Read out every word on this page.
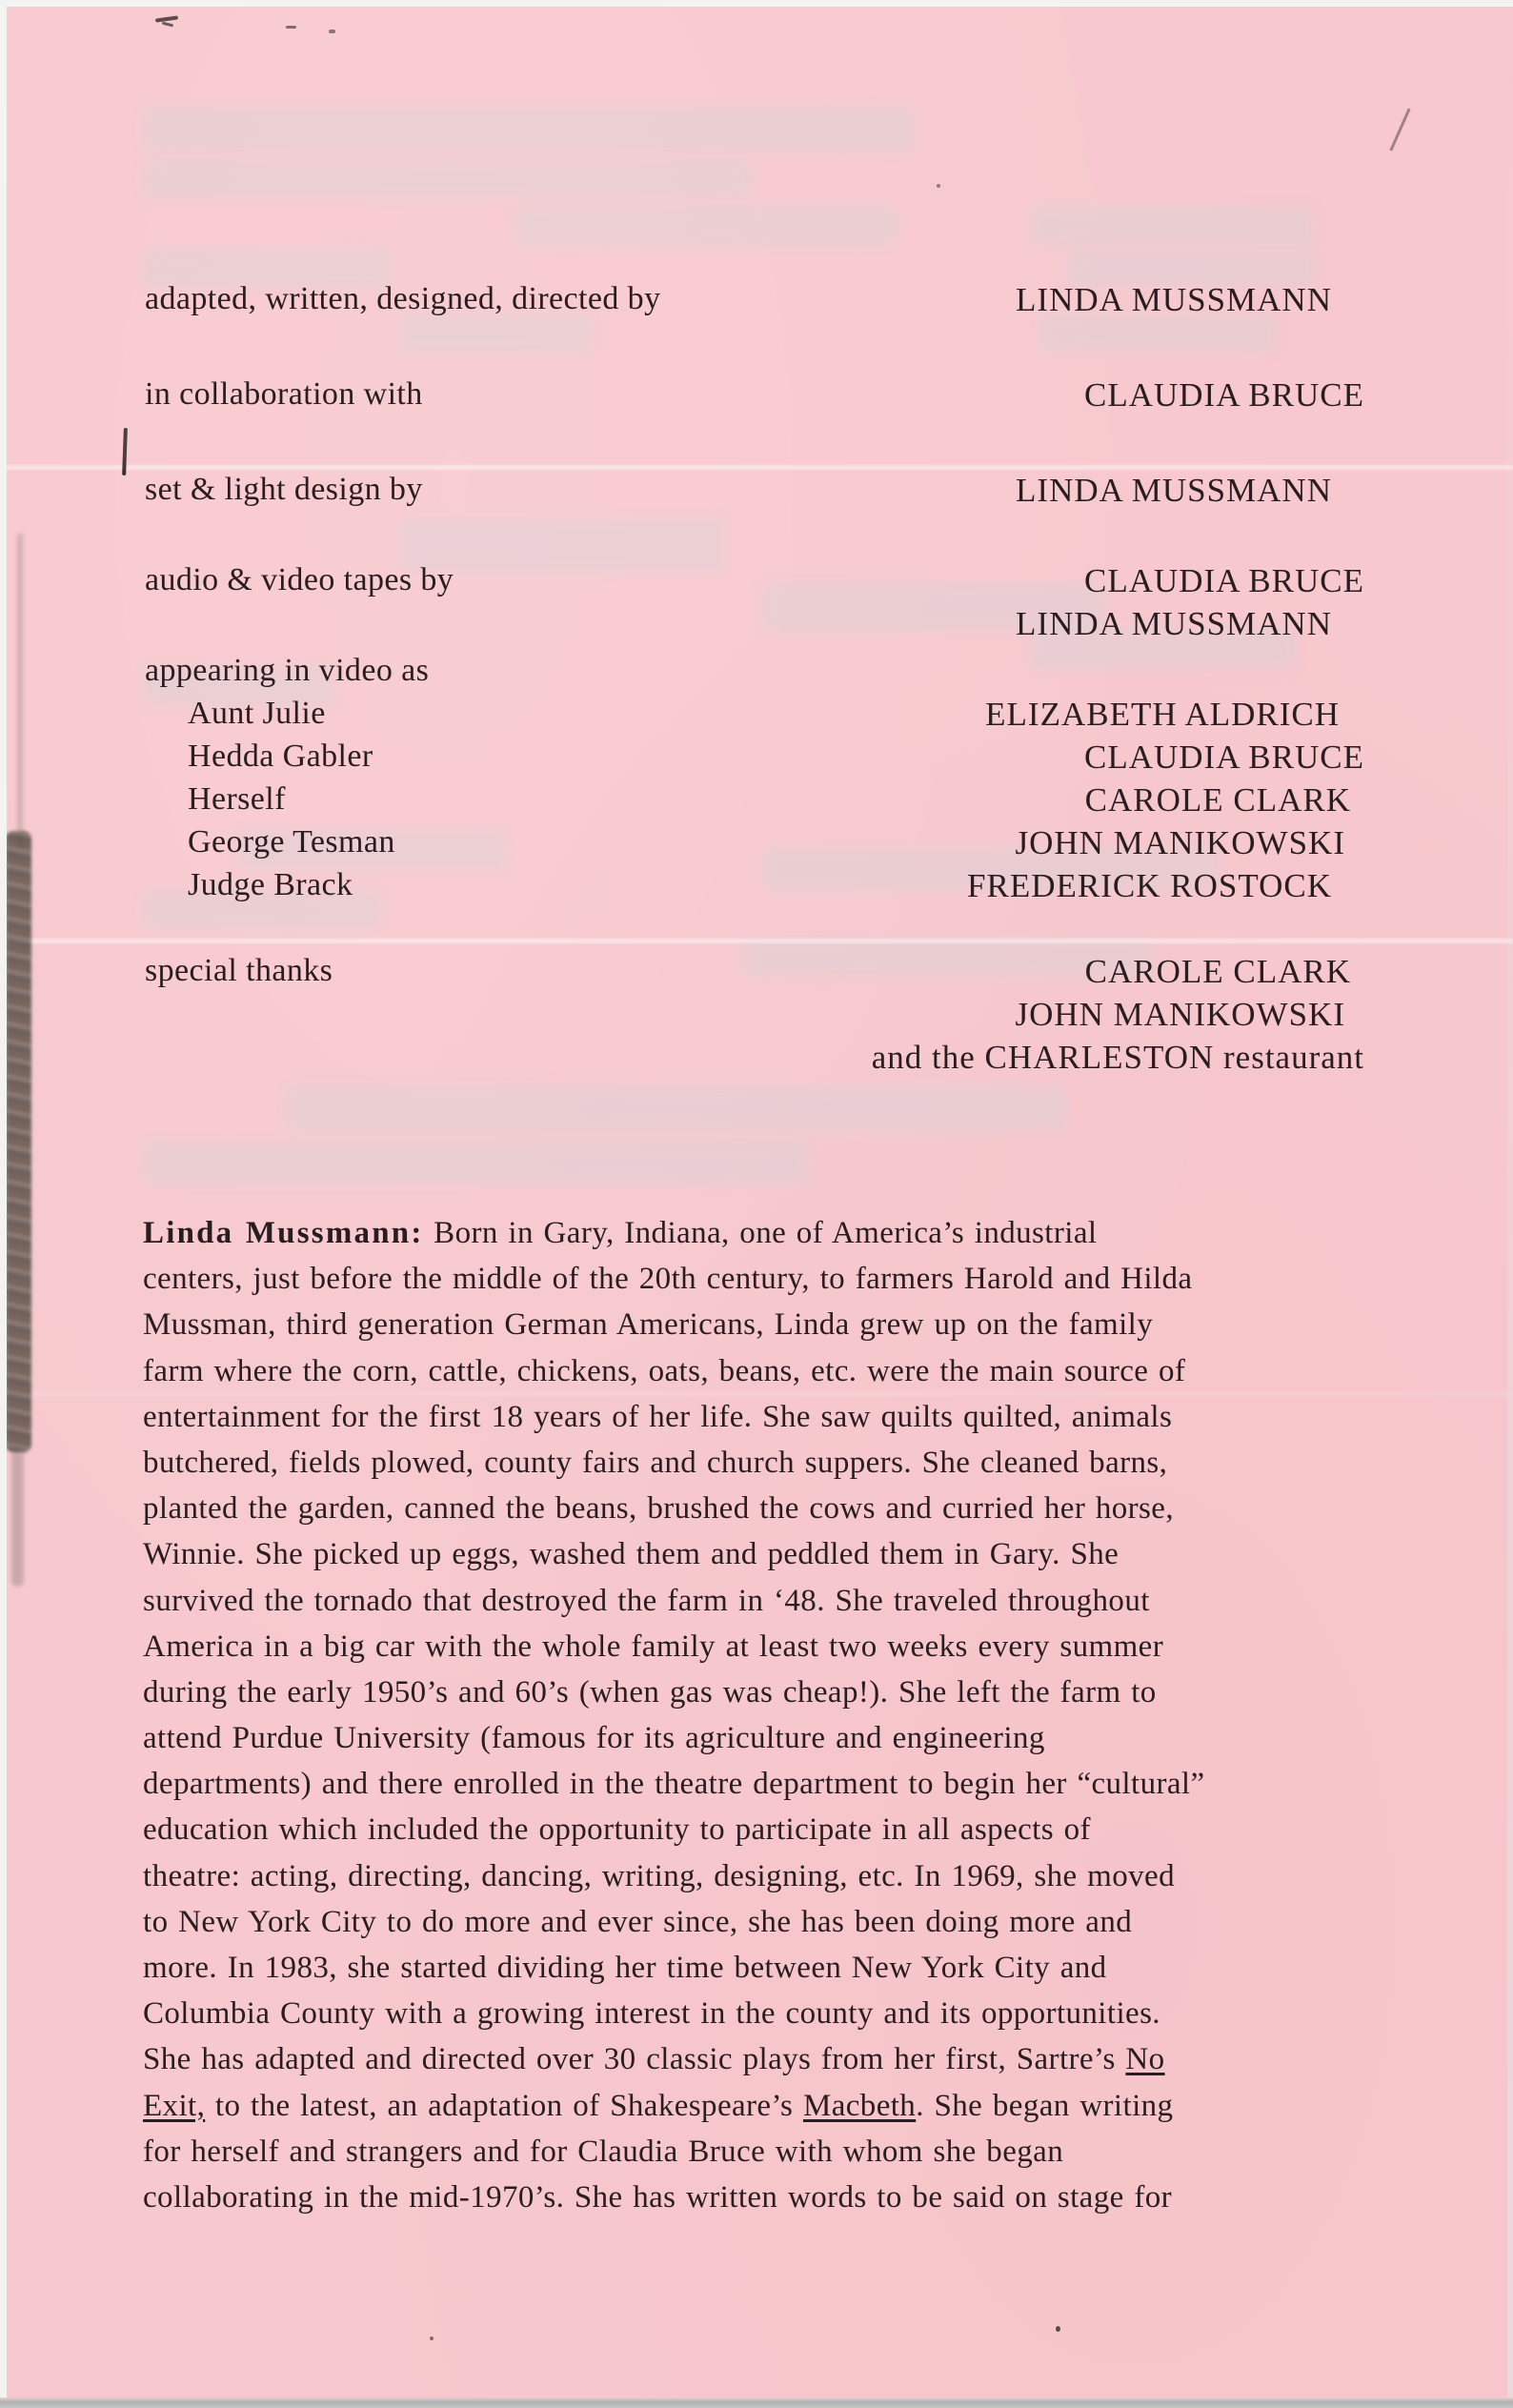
adapted, written, designed, directed by	LINDA MUSSMANN
in collaboration with	CLAUDIA BRUCE
set & light design by	LINDA MUSSMANN
audio & video tapes by	CLAUDIA BRUCE
LINDA MUSSMANN
appearing in video as
Aunt Julie	ELIZABETH ALDRICH
Hedda Gabler	CLAUDIA BRUCE
Herself	CAROLE CLARK
George Tesman	JOHN MANIKOWSKI
Judge Brack	FREDERICK ROSTOCK
special thanks	CAROLE CLARK
JOHN MANIKOWSKI
and the CHARLESTON restaurant
Linda Mussmann: Born in Gary, Indiana, one of America’s industrial
centers, just before the middle of the 20th century, to farmers Harold and Hilda
Mussman, third generation German Americans, Linda grew up on the family
farm where the corn, cattle, chickens, oats, beans, etc. were the main source of
entertainment for the first 18 years of her life. She saw quilts quilted, animals
butchered, fields plowed, county fairs and church suppers. She cleaned barns,
planted the garden, canned the beans, brushed the cows and curried her horse,
Winnie. She picked up eggs, washed them and peddled them in Gary. She
survived the tornado that destroyed the farm in ‘48. She traveled throughout
America in a big car with the whole family at least two weeks every summer
during the early 1950’s and 60’s (when gas was cheap!). She left the farm to
attend Purdue University (famous for its agriculture and engineering
departments) and there enrolled in the theatre department to begin her “cultural”
education which included the opportunity to participate in all aspects of
theatre: acting, directing, dancing, writing, designing, etc. In 1969, she moved
to New York City to do more and ever since, she has been doing more and
more. In 1983, she started dividing her time between New York City and
Columbia County with a growing interest in the county and its opportunities.
She has adapted and directed over 30 classic plays from her first, Sartre’s No
Exit, to the latest, an adaptation of Shakespeare’s Macbeth. She began writing
for herself and strangers and for Claudia Bruce with whom she began
collaborating in the mid-1970’s. She has written words to be said on stage for
